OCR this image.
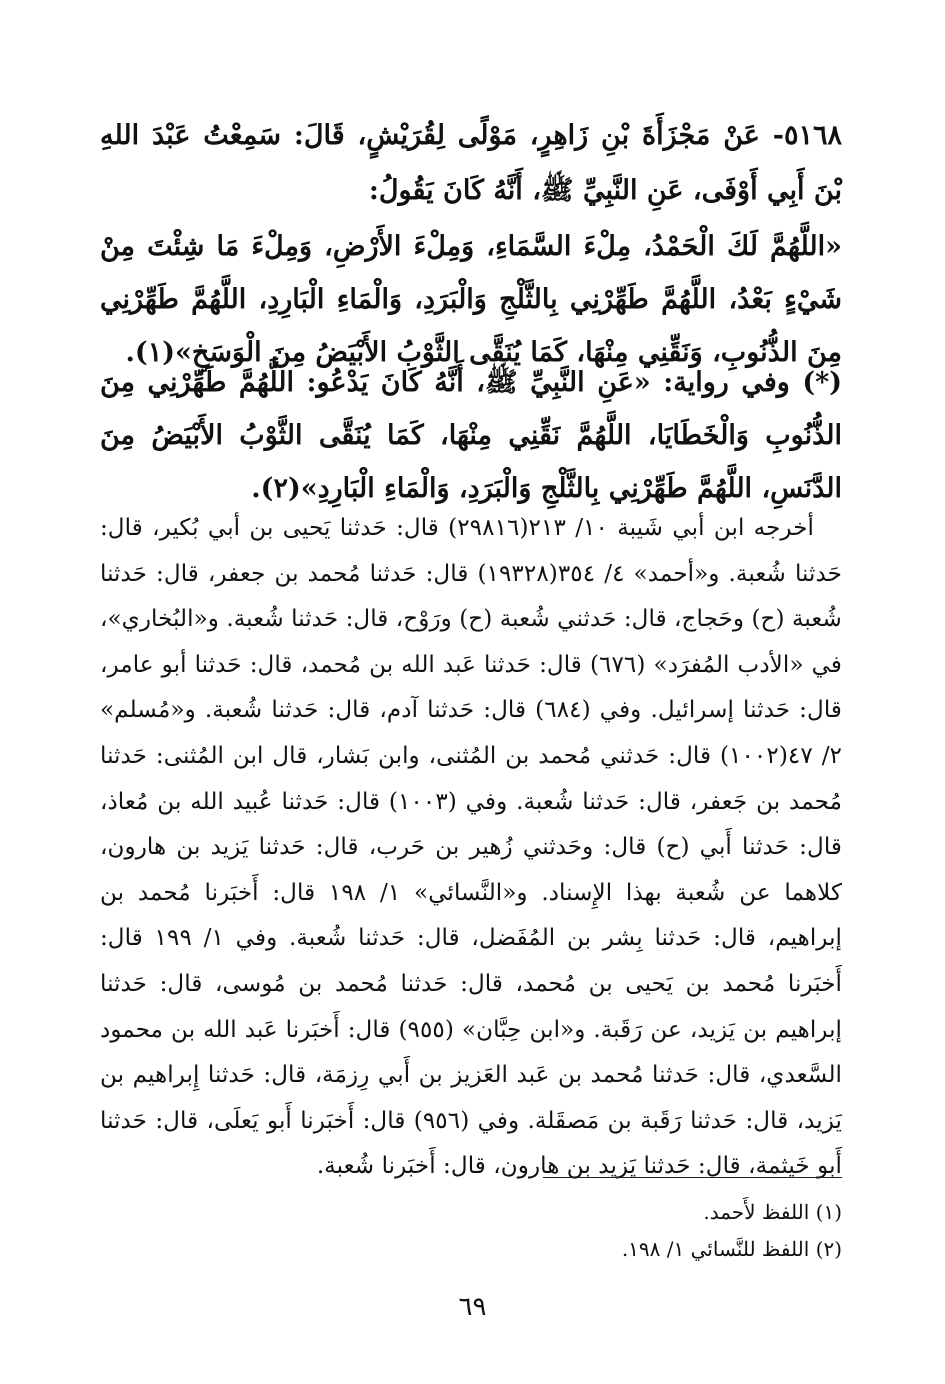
٥١٦٨- عَنْ مَجْزَأَةَ بْنِ زَاهِرٍ، مَوْلًى لِقُرَيْشٍ، قَالَ: سَمِعْتُ عَبْدَ اللهِ بْنَ أَبِي أَوْفَى، عَنِ النَّبِيِّ ﷺ، أَنَّهُ كَانَ يَقُولُ:

«اللَّهُمَّ لَكَ الْحَمْدُ، مِلْءَ السَّمَاءِ، وَمِلْءَ الأَرْضِ، وَمِلْءَ مَا شِئْتَ مِنْ شَيْءٍ بَعْدُ، اللَّهُمَّ طَهِّرْنِي بِالثَّلْجِ وَالْبَرَدِ، وَالْمَاءِ الْبَارِدِ، اللَّهُمَّ طَهِّرْنِي مِنَ الذُّنُوبِ، وَنَقِّنِي مِنْهَا، كَمَا يُنَقَّى الثَّوْبُ الأَبْيَضُ مِنَ الْوَسَخِ»(١).

(*) وفي رواية: «عَنِ النَّبِيِّ ﷺ، أَنَّهُ كَانَ يَدْعُو: اللَّهُمَّ طَهِّرْنِي مِنَ الذُّنُوبِ وَالْخَطَايَا، اللَّهُمَّ نَقِّنِي مِنْهَا، كَمَا يُنَقَّى الثَّوْبُ الأَبْيَضُ مِنَ الدَّنَسِ، اللَّهُمَّ طَهِّرْنِي بِالثَّلْجِ وَالْبَرَدِ، وَالْمَاءِ الْبَارِدِ»(٢).

أخرجه ابن أبي شَيبة ١٠/ ٢١٣(٢٩٨١٦) قال: حَدثنا يَحيى بن أبي بُكير، قال: حَدثنا شُعبة. و«أحمد» ٤/ ٣٥٤(١٩٣٢٨) قال: حَدثنا مُحمد بن جعفر، قال: حَدثنا شُعبة (ح) وحَجاج، قال: حَدثني شُعبة (ح) ورَوْح، قال: حَدثنا شُعبة. و«البُخاري»، في «الأدب المُفرَد» (٦٧٦) قال: حَدثنا عَبد الله بن مُحمد، قال: حَدثنا أبو عامر، قال: حَدثنا إسرائيل. وفي (٦٨٤) قال: حَدثنا آدم، قال: حَدثنا شُعبة. و«مُسلم» ٢/ ٤٧(١٠٠٢) قال: حَدثني مُحمد بن المُثنى، وابن بَشار، قال ابن المُثنى: حَدثنا مُحمد بن جَعفر، قال: حَدثنا شُعبة. وفي (١٠٠٣) قال: حَدثنا عُبيد الله بن مُعاذ، قال: حَدثنا أَبي (ح) قال: وحَدثني زُهير بن حَرب، قال: حَدثنا يَزيد بن هارون، كلاهما عن شُعبة بهذا الإِسناد. و«النَّسائي» ١/ ١٩٨ قال: أَخبَرنا مُحمد بن إبراهيم، قال: حَدثنا بِشر بن المُفَضل، قال: حَدثنا شُعبة. وفي ١/ ١٩٩ قال: أَخبَرنا مُحمد بن يَحيى بن مُحمد، قال: حَدثنا مُحمد بن مُوسى، قال: حَدثنا إبراهيم بن يَزيد، عن رَقَبة. و«ابن حِبَّان» (٩٥٥) قال: أَخبَرنا عَبد الله بن محمود السَّعدي، قال: حَدثنا مُحمد بن عَبد العَزيز بن أَبي رِزمَة، قال: حَدثنا إِبراهيم بن يَزيد، قال: حَدثنا رَقَبة بن مَصقَلة. وفي (٩٥٦) قال: أَخبَرنا أَبو يَعلَى، قال: حَدثنا أَبو خَيثمة، قال: حَدثنا يَزيد بن هارون، قال: أَخبَرنا شُعبة.

(١) اللفظ لأَحمد.
(٢) اللفظ للنَّسائي ١/ ١٩٨.
٦٩
